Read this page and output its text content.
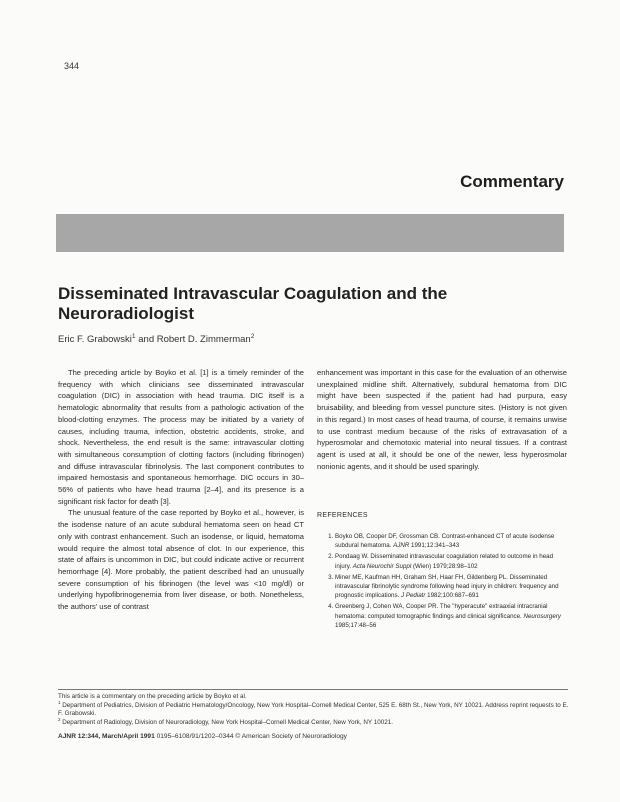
344
Commentary
Disseminated Intravascular Coagulation and the Neuroradiologist
Eric F. Grabowski$^1$ and Robert D. Zimmerman$^2$

The preceding article by Boyko et al. [1] is a timely reminder of the frequency with which clinicians see disseminated intravascular coagulation (DIC) in association with head trauma. DIC itself is a hematologic abnormality that results from a pathologic activation of the blood-clotting enzymes. The process may be initiated by a variety of causes, including trauma, infection, obstetric accidents, stroke, and shock. Nevertheless, the end result is the same: intravascular clotting with simultaneous consumption of clotting factors (including fibrinogen) and diffuse intravascular fibrinolysis. The last component contributes to impaired hemostasis and spontaneous hemorrhage. DIC occurs in 30–56% of patients who have head trauma [2–4], and its presence is a significant risk factor for death [3].

The unusual feature of the case reported by Boyko et al., however, is the isodense nature of an acute subdural hematoma seen on head CT only with contrast enhancement. Such an isodense, or liquid, hematoma would require the almost total absence of clot. In our experience, this state of affairs is uncommon in DIC, but could indicate active or recurrent hemorrhage [4]. More probably, the patient described had an unusually severe consumption of his fibrinogen (the level was <10 mg/dl) or underlying hypofibrinogenemia from liver disease, or both. Nonetheless, the authors' use of contrast

enhancement was important in this case for the evaluation of an otherwise unexplained midline shift. Alternatively, subdural hematoma from DIC might have been suspected if the patient had had purpura, easy bruisability, and bleeding from vessel puncture sites. (History is not given in this regard.) In most cases of head trauma, of course, it remains unwise to use contrast medium because of the risks of extravasation of a hyperosmolar and chemotoxic material into neural tissues. If a contrast agent is used at all, it should be one of the newer, less hyperosmolar nonionic agents, and it should be used sparingly.

REFERENCES
1. Boyko OB, Cooper DF, Grossman CB. Contrast-enhanced CT of acute isodense subdural hematoma. AJNR 1991;12:341–343
2. Pondaag W. Disseminated intravascular coagulation related to outcome in head injury. Acta Neurochir Suppl (Wien) 1979;28:98–102
3. Miner ME, Kaufman HH, Graham SH, Haar FH, Gildenberg PL. Disseminated intravascular fibrinolytic syndrome following head injury in children: frequency and prognostic implications. J Pediatr 1982;100:687–691
4. Greenberg J, Cohen WA, Cooper PR. The "hyperacute" extraaxial intracranial hematoma: computed tomographic findings and clinical significance. Neurosurgery 1985;17:48–56

This article is a commentary on the preceding article by Boyko et al.

$^1$ Department of Pediatrics, Division of Pediatric Hematology/Oncology, New York Hospital–Cornell Medical Center, 525 E. 68th St., New York, NY 10021. Address reprint requests to E. F. Grabowski.

$^2$ Department of Radiology, Division of Neuroradiology, New York Hospital–Cornell Medical Center, New York, NY 10021.

AJNR 12:344, March/April 1991 0195–6108/91/1202–0344 © American Society of Neuroradiology
